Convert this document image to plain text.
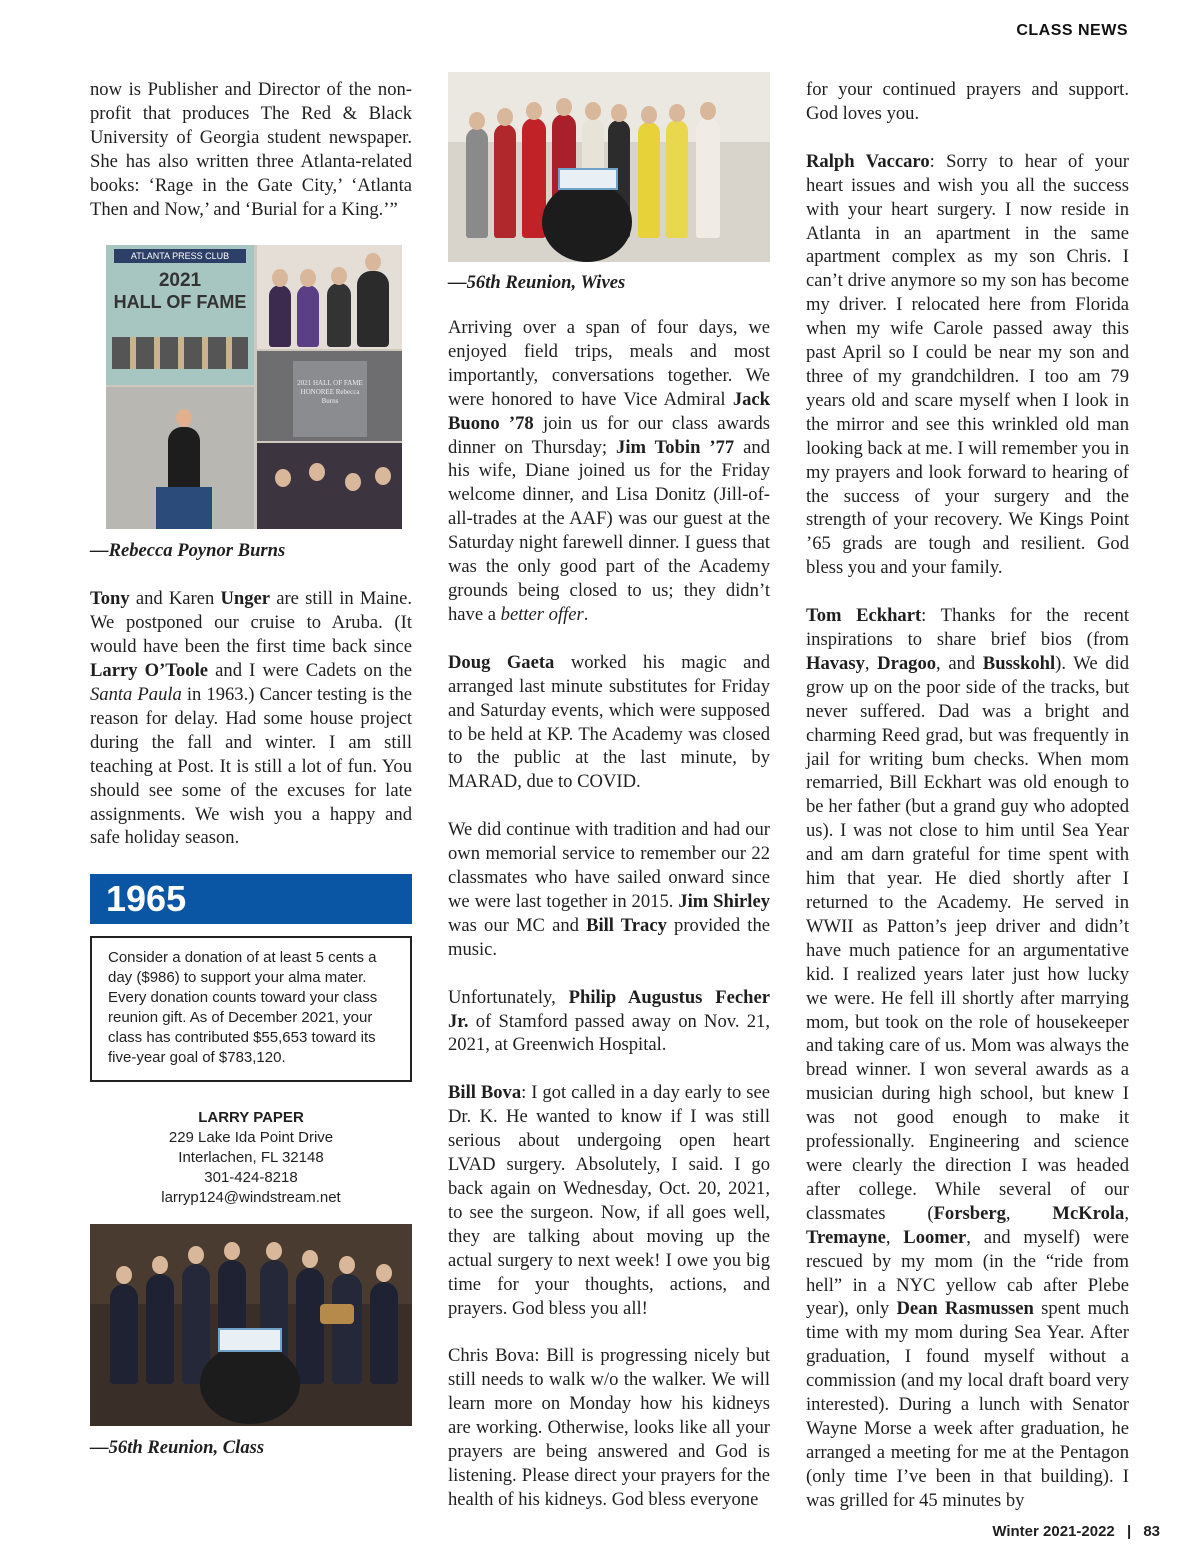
CLASS NEWS

now is Publisher and Director of the non-profit that produces The Red & Black University of Georgia student newspaper. She has also written three Atlanta-related books: ‘Rage in the Gate City,’ ‘Atlanta Then and Now,’ and ‘Burial for a King.’”

ATLANTA PRESS CLUB
2021
HALL OF FAME
2021 HALL OF FAME HONOREE Rebecca Burns
—Rebecca Poynor Burns

Tony and Karen Unger are still in Maine. We postponed our cruise to Aruba. (It would have been the first time back since Larry O’Toole and I were Cadets on the Santa Paula in 1963.) Cancer testing is the reason for delay. Had some house project during the fall and winter. I am still teaching at Post. It is still a lot of fun. You should see some of the excuses for late assignments. We wish you a happy and safe holiday season.

1965
Consider a donation of at least 5 cents a day ($986) to support your alma mater. Every donation counts toward your class reunion gift. As of December 2021, your class has contributed $55,653 toward its five-year goal of $783,120.
LARRY PAPER
229 Lake Ida Point Drive
Interlachen, FL 32148
301-424-8218
larryp124@windstream.net
—56th Reunion, Class
—56th Reunion, Wives

Arriving over a span of four days, we enjoyed field trips, meals and most importantly, conversations together. We were honored to have Vice Admiral Jack Buono ’78 join us for our class awards dinner on Thursday; Jim Tobin ’77 and his wife, Diane joined us for the Friday welcome dinner, and Lisa Donitz (Jill-of-all-trades at the AAF) was our guest at the Saturday night farewell dinner. I guess that was the only good part of the Academy grounds being closed to us; they didn’t have a better offer.

Doug Gaeta worked his magic and arranged last minute substitutes for Friday and Saturday events, which were supposed to be held at KP. The Academy was closed to the public at the last minute, by MARAD, due to COVID.

We did continue with tradition and had our own memorial service to remember our 22 classmates who have sailed onward since we were last together in 2015. Jim Shirley was our MC and Bill Tracy provided the music.

Unfortunately, Philip Augustus Fecher Jr. of Stamford passed away on Nov. 21, 2021, at Greenwich Hospital.

Bill Bova: I got called in a day early to see Dr. K. He wanted to know if I was still serious about undergoing open heart LVAD surgery. Absolutely, I said. I go back again on Wednesday, Oct. 20, 2021, to see the surgeon. Now, if all goes well, they are talking about moving up the actual surgery to next week! I owe you big time for your thoughts, actions, and prayers. God bless you all!

Chris Bova: Bill is progressing nicely but still needs to walk w/o the walker. We will learn more on Monday how his kidneys are working. Otherwise, looks like all your prayers are being answered and God is listening. Please direct your prayers for the health of his kidneys. God bless everyone

for your continued prayers and support. God loves you.

Ralph Vaccaro: Sorry to hear of your heart issues and wish you all the success with your heart surgery. I now reside in Atlanta in an apartment in the same apartment complex as my son Chris. I can’t drive anymore so my son has become my driver. I relocated here from Florida when my wife Carole passed away this past April so I could be near my son and three of my grandchildren. I too am 79 years old and scare myself when I look in the mirror and see this wrinkled old man looking back at me. I will remember you in my prayers and look forward to hearing of the success of your surgery and the strength of your recovery. We Kings Point ’65 grads are tough and resilient. God bless you and your family.

Tom Eckhart: Thanks for the recent inspirations to share brief bios (from Havasy, Dragoo, and Busskohl). We did grow up on the poor side of the tracks, but never suffered. Dad was a bright and charming Reed grad, but was frequently in jail for writing bum checks. When mom remarried, Bill Eckhart was old enough to be her father (but a grand guy who adopted us). I was not close to him until Sea Year and am darn grateful for time spent with him that year. He died shortly after I returned to the Academy. He served in WWII as Patton’s jeep driver and didn’t have much patience for an argumentative kid. I realized years later just how lucky we were. He fell ill shortly after marrying mom, but took on the role of housekeeper and taking care of us. Mom was always the bread winner. I won several awards as a musician during high school, but knew I was not good enough to make it professionally. Engineering and science were clearly the direction I was headed after college. While several of our classmates (Forsberg, McKrola, Tremayne, Loomer, and myself) were rescued by my mom (in the “ride from hell” in a NYC yellow cab after Plebe year), only Dean Rasmussen spent much time with my mom during Sea Year. After graduation, I found myself without a commission (and my local draft board very interested). During a lunch with Senator Wayne Morse a week after graduation, he arranged a meeting for me at the Pentagon (only time I’ve been in that building). I was grilled for 45 minutes by

Winter 2021-2022 | 83
